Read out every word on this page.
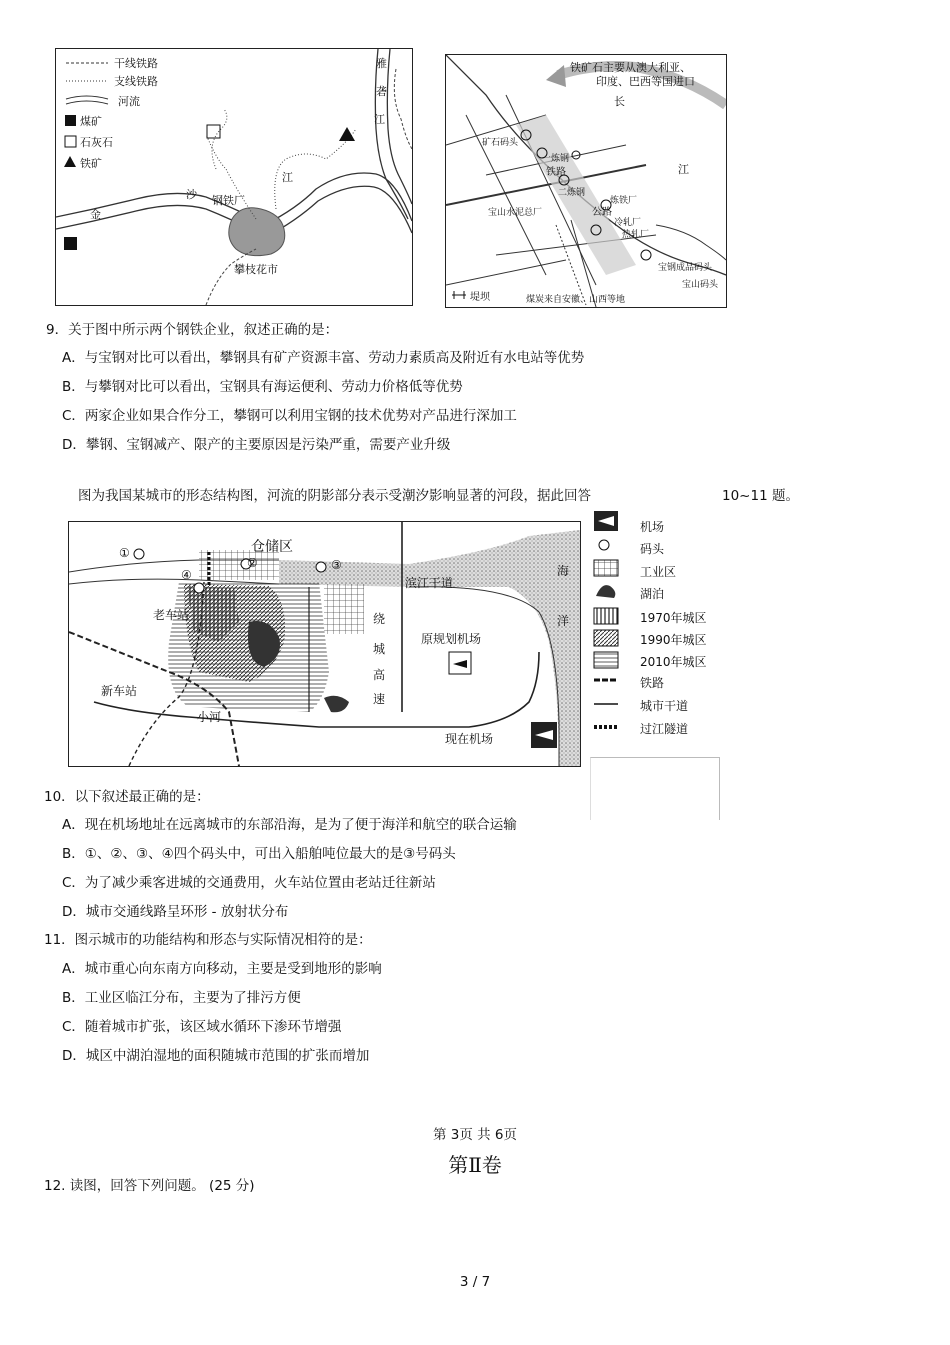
干线铁路
支线铁路
河流
煤矿
石灰石
铁矿
雅
砻
江
金
沙
江
钢铁厂
攀枝花市
铁矿石主要从澳大利亚、
印度、巴西等国进口
长
江
矿石码头
一炼钢
二炼钢
炼铁厂
宝山水泥总厂
冷轧厂
热轧厂
宝钢成品码头
宝山码头
铁路
公路
堤坝	煤炭来自安徽、山西等地
9．关于图中所示两个钢铁企业，叙述正确的是：
A．与宝钢对比可以看出，攀钢具有矿产资源丰富、劳动力素质高及附近有水电站等优势
B．与攀钢对比可以看出，宝钢具有海运便利、劳动力价格低等优势
C．两家企业如果合作分工，攀钢可以利用宝钢的技术优势对产品进行深加工
D．攀钢、宝钢减产、限产的主要原因是污染严重，需要产业升级
图为我国某城市的形态结构图，河流的阴影部分表示受潮汐影响显著的河段，据此回答	10~11 题。
①
②	③
④
仓储区
老车站
新车站
小河
滨江干道
绕
城
高
速
原规划机场
现在机场
海
洋
机场
码头
工业区
湖泊
1970年城区
1990年城区
2010年城区
铁路
城市干道
过江隧道
10．以下叙述最正确的是：
A．现在机场地址在远离城市的东部沿海，是为了便于海洋和航空的联合运输
B．①、②、③、④四个码头中，可出入船舶吨位最大的是③号码头
C．为了减少乘客进城的交通费用，火车站位置由老站迁往新站
D．城市交通线路呈环形 - 放射状分布
11．图示城市的功能结构和形态与实际情况相符的是：
A．城市重心向东南方向移动，主要是受到地形的影响
B．工业区临江分布，主要为了排污方便
C．随着城市扩张，该区域水循环下渗环节增强
D．城区中湖泊湿地的面积随城市范围的扩张而增加
第 3页 共 6页
第Ⅱ卷
12. 读图，回答下列问题。 (25 分)
3 / 7
